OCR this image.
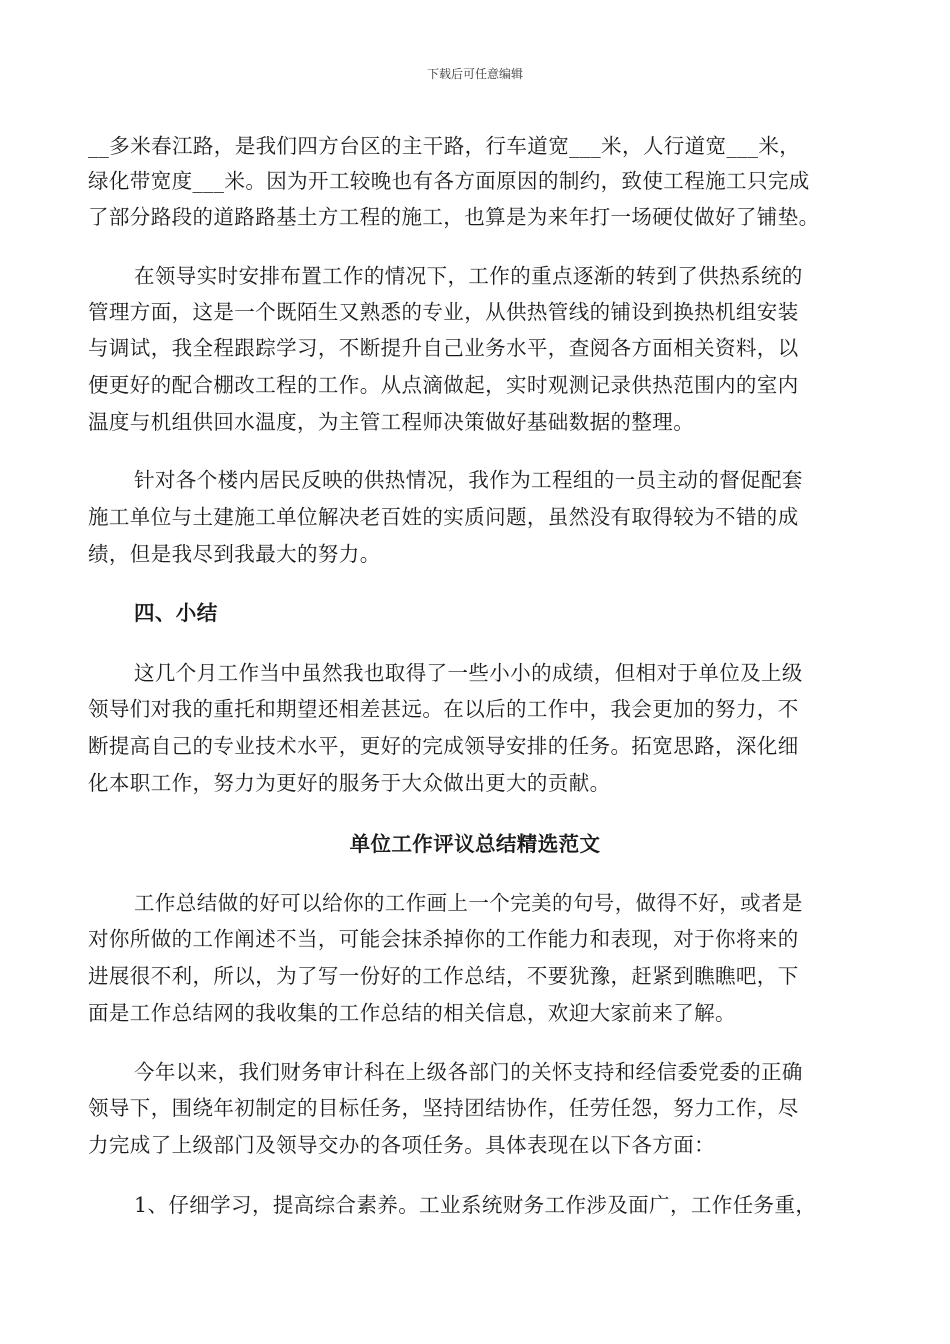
下载后可任意编辑
__多米春江路，是我们四方台区的主干路，行车道宽___米，人行道宽___米，
绿化带宽度___米。因为开工较晚也有各方面原因的制约，致使工程施工只完成
了部分路段的道路路基土方工程的施工，也算是为来年打一场硬仗做好了铺垫。
在领导实时安排布置工作的情况下，工作的重点逐渐的转到了供热系统的
管理方面，这是一个既陌生又熟悉的专业，从供热管线的铺设到换热机组安装
与调试，我全程跟踪学习，不断提升自己业务水平，查阅各方面相关资料，以
便更好的配合棚改工程的工作。从点滴做起，实时观测记录供热范围内的室内
温度与机组供回水温度，为主管工程师决策做好基础数据的整理。
针对各个楼内居民反映的供热情况，我作为工程组的一员主动的督促配套
施工单位与土建施工单位解决老百姓的实质问题，虽然没有取得较为不错的成
绩，但是我尽到我最大的努力。
四、小结
这几个月工作当中虽然我也取得了一些小小的成绩，但相对于单位及上级
领导们对我的重托和期望还相差甚远。在以后的工作中，我会更加的努力，不
断提高自己的专业技术水平，更好的完成领导安排的任务。拓宽思路，深化细
化本职工作，努力为更好的服务于大众做出更大的贡献。
单位工作评议总结精选范文
工作总结做的好可以给你的工作画上一个完美的句号，做得不好，或者是
对你所做的工作阐述不当，可能会抹杀掉你的工作能力和表现，对于你将来的
进展很不利，所以，为了写一份好的工作总结，不要犹豫，赶紧到瞧瞧吧，下
面是工作总结网的我收集的工作总结的相关信息，欢迎大家前来了解。
今年以来，我们财务审计科在上级各部门的关怀支持和经信委党委的正确
领导下，围绕年初制定的目标任务，坚持团结协作，任劳任怨，努力工作，尽
力完成了上级部门及领导交办的各项任务。具体表现在以下各方面：
1、仔细学习，提高综合素养。工业系统财务工作涉及面广，工作任务重，
